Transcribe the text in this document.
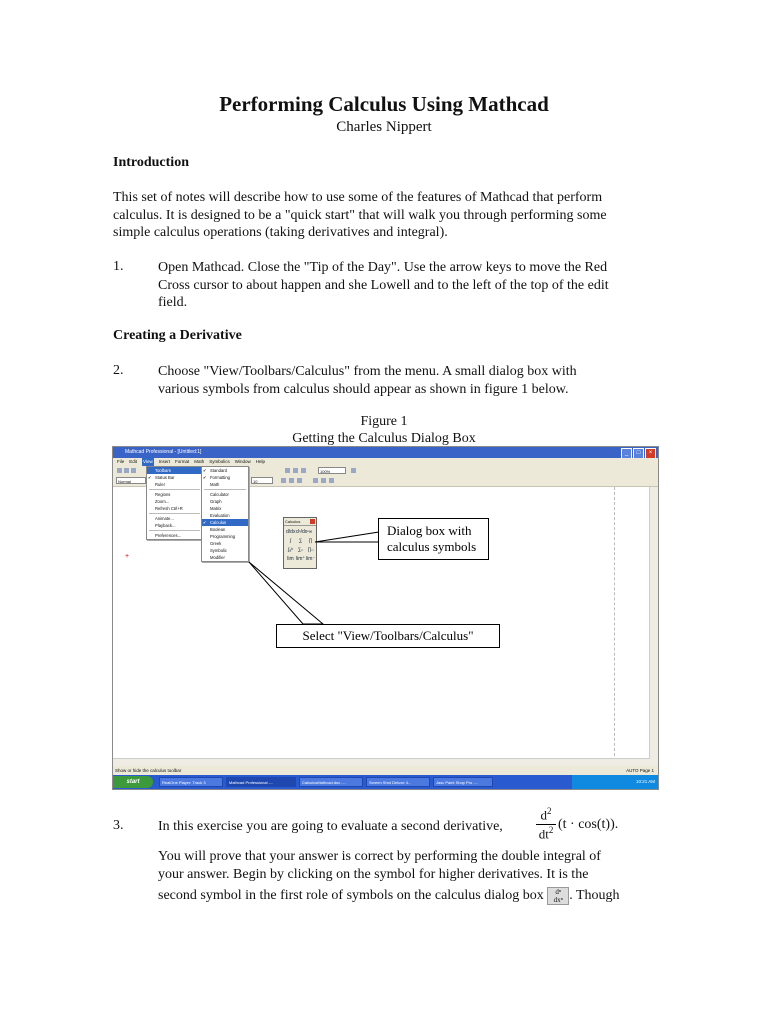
Performing Calculus Using Mathcad
Charles Nippert
Introduction
This set of notes will describe how to use some of the features of Mathcad that perform
calculus. It is designed to be a "quick start" that will walk you through performing some
simple calculus operations (taking derivatives and integral).
1. Open Mathcad. Close the "Tip of the Day". Use the arrow keys to move the Red
Cross cursor to about happen and she Lowell and to the left of the top of the edit
field.
Creating a Derivative
2. Choose "View/Toolbars/Calculus" from the menu. A small dialog box with
various symbols from calculus should appear as shown in figure 1 below.
Figure 1
Getting the Calculus Dialog Box
Mathcad Professional - [Untitled:1]	_	□	×
File Edit View Insert Format Math Symbolics Window Help
100%
Normal	10
+
Toolbars
✔ Status Bar
Ruler
Regions
Zoom...
Refresh Ctrl+R
Animate...
Playback...
Preferences...
✔ Standard
✔ Formatting
Math
Calculator
Graph
Matrix
Evaluation
✔ Calculus
Boolean
Programming
Greek
Symbolic
Modifier
Calculus
d/dx dⁿ/dxⁿ ∞
∫	∑	∏
∫ₐᵇ ∑ₙ ∏ₙ
lim lim⁺ lim⁻
Dialog box with
calculus symbols
Select "View/Toolbars/Calculus"
Show or hide the calculus toolbar	AUTO Page 1
start	RealOne Player: Track 3	Mathcad Professional -...	CalculusMathcad.doc -...	Screen Shot Deluxe 4...	Jasc Paint Shop Pro -...	10:21 AM
3. In this exercise you are going to evaluate a second derivative,
$d^2$
$dt^2$ (t · cos(t)).
You will prove that your answer is correct by performing the double integral of
your answer. Begin by clicking on the symbol for higher derivatives. It is the
second symbol in the first role of symbols on the calculus dialog box dⁿ
dxⁿ . Though
